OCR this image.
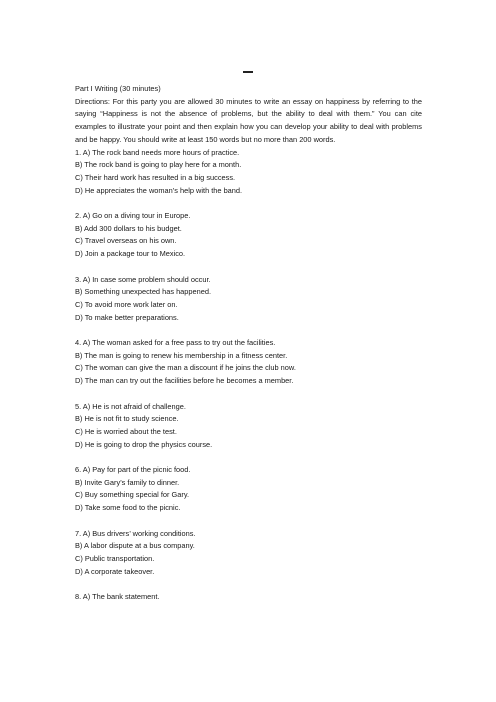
Part I Writing (30 minutes)

Directions: For this party you are allowed 30 minutes to write an essay on happiness by referring to the saying “Happiness is not the absence of problems, but the ability to deal with them.” You can cite examples to illustrate your point and then explain how you can develop your ability to deal with problems and be happy. You should write at least 150 words but no more than 200 words.

1. A) The rock band needs more hours of practice.
B) The rock band is going to play here for a month.
C) Their hard work has resulted in a big success.
D) He appreciates the woman’s help with the band.
2. A) Go on a diving tour in Europe.
B) Add 300 dollars to his budget.
C) Travel overseas on his own.
D) Join a package tour to Mexico.
3. A) In case some problem should occur.
B) Something unexpected has happened.
C) To avoid more work later on.
D) To make better preparations.
4. A) The woman asked for a free pass to try out the facilities.
B) The man is going to renew his membership in a fitness center.
C) The woman can give the man a discount if he joins the club now.
D) The man can try out the facilities before he becomes a member.
5. A) He is not afraid of challenge.
B) He is not fit to study science.
C) He is worried about the test.
D) He is going to drop the physics course.
6. A) Pay for part of the picnic food.
B) Invite Gary’s family to dinner.
C) Buy something special for Gary.
D) Take some food to the picnic.
7. A) Bus drivers’ working conditions.
B) A labor dispute at a bus company.
C) Public transportation.
D) A corporate takeover.
8. A) The bank statement.
